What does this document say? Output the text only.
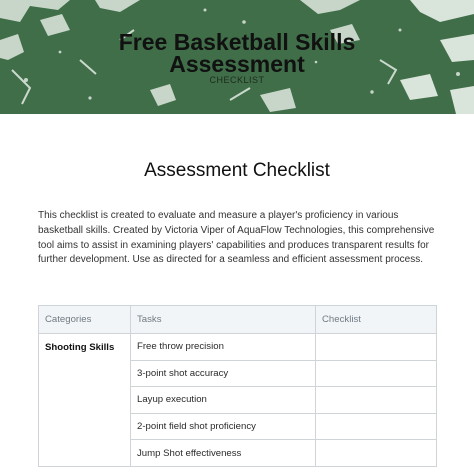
Free Basketball Skills
Assessment
CHECKLIST
Assessment Checklist

This checklist is created to evaluate and measure a player's proficiency in various basketball skills. Created by Victoria Viper of AquaFlow Technologies, this comprehensive tool aims to assist in examining players' capabilities and produces transparent results for further development. Use as directed for a seamless and efficient assessment process.

Categories	Tasks	Checklist
Shooting Skills	Free throw precision	
	3-point shot accuracy	
	Layup execution	
	2-point field shot proficiency	
	Jump Shot effectiveness	
